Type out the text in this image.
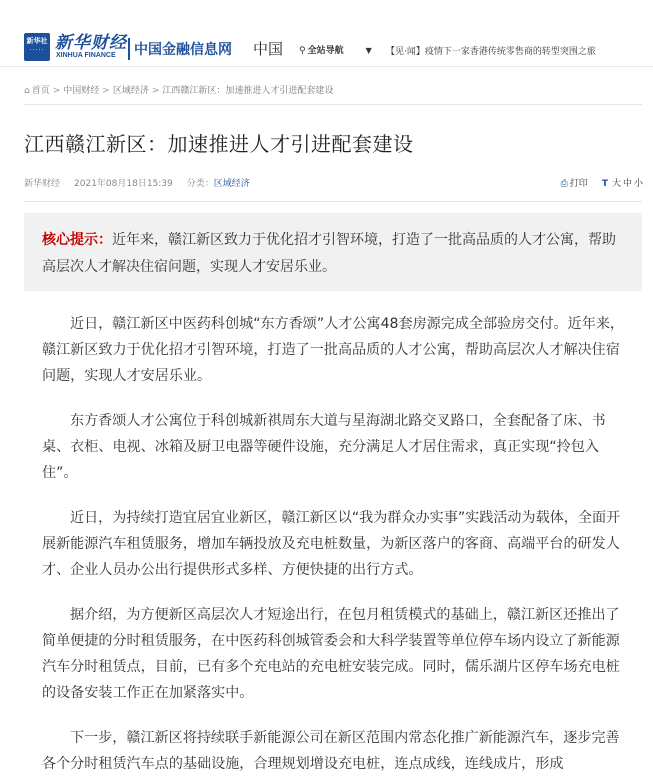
新华社
····· 新华财经
XINHUA FINANCE 中国金融信息网 中国 ⚲ 全站导航	▼ 【见·闻】疫情下一家香港传统零售商的转型突围之旅
⌂ 首页 > 中国财经 > 区域经济 > 江西赣江新区：加速推进人才引进配套建设
江西赣江新区：加速推进人才引进配套建设
新华财经 2021年08月18日15:39 分类：区域经济	⎙ 打印 T 大 中 小
核心提示：近年来，赣江新区致力于优化招才引智环境，打造了一批高品质的人才公寓，帮助高层次人才解决住宿问题，实现人才安居乐业。

近日，赣江新区中医药科创城“东方香颂”人才公寓48套房源完成全部验房交付。近年来，赣江新区致力于优化招才引智环境，打造了一批高品质的人才公寓，帮助高层次人才解决住宿问题，实现人才安居乐业。

东方香颂人才公寓位于科创城新祺周东大道与星海湖北路交叉路口，全套配备了床、书桌、衣柜、电视、冰箱及厨卫电器等硬件设施，充分满足人才居住需求，真正实现“拎包入住”。

近日，为持续打造宜居宜业新区，赣江新区以“我为群众办实事”实践活动为载体，全面开展新能源汽车租赁服务，增加车辆投放及充电桩数量，为新区落户的客商、高端平台的研发人才、企业人员办公出行提供形式多样、方便快捷的出行方式。

据介绍，为方便新区高层次人才短途出行，在包月租赁模式的基础上，赣江新区还推出了简单便捷的分时租赁服务，在中医药科创城管委会和大科学装置等单位停车场内设立了新能源汽车分时租赁点，目前，已有多个充电站的充电桩安装完成。同时，儒乐湖片区停车场充电桩的设备安装工作正在加紧落实中。

下一步，赣江新区将持续联手新能源公司在新区范围内常态化推广新能源汽车，逐步完善各个分时租赁汽车点的基础设施，合理规划增设充电桩，连点成线，连线成片，形成
